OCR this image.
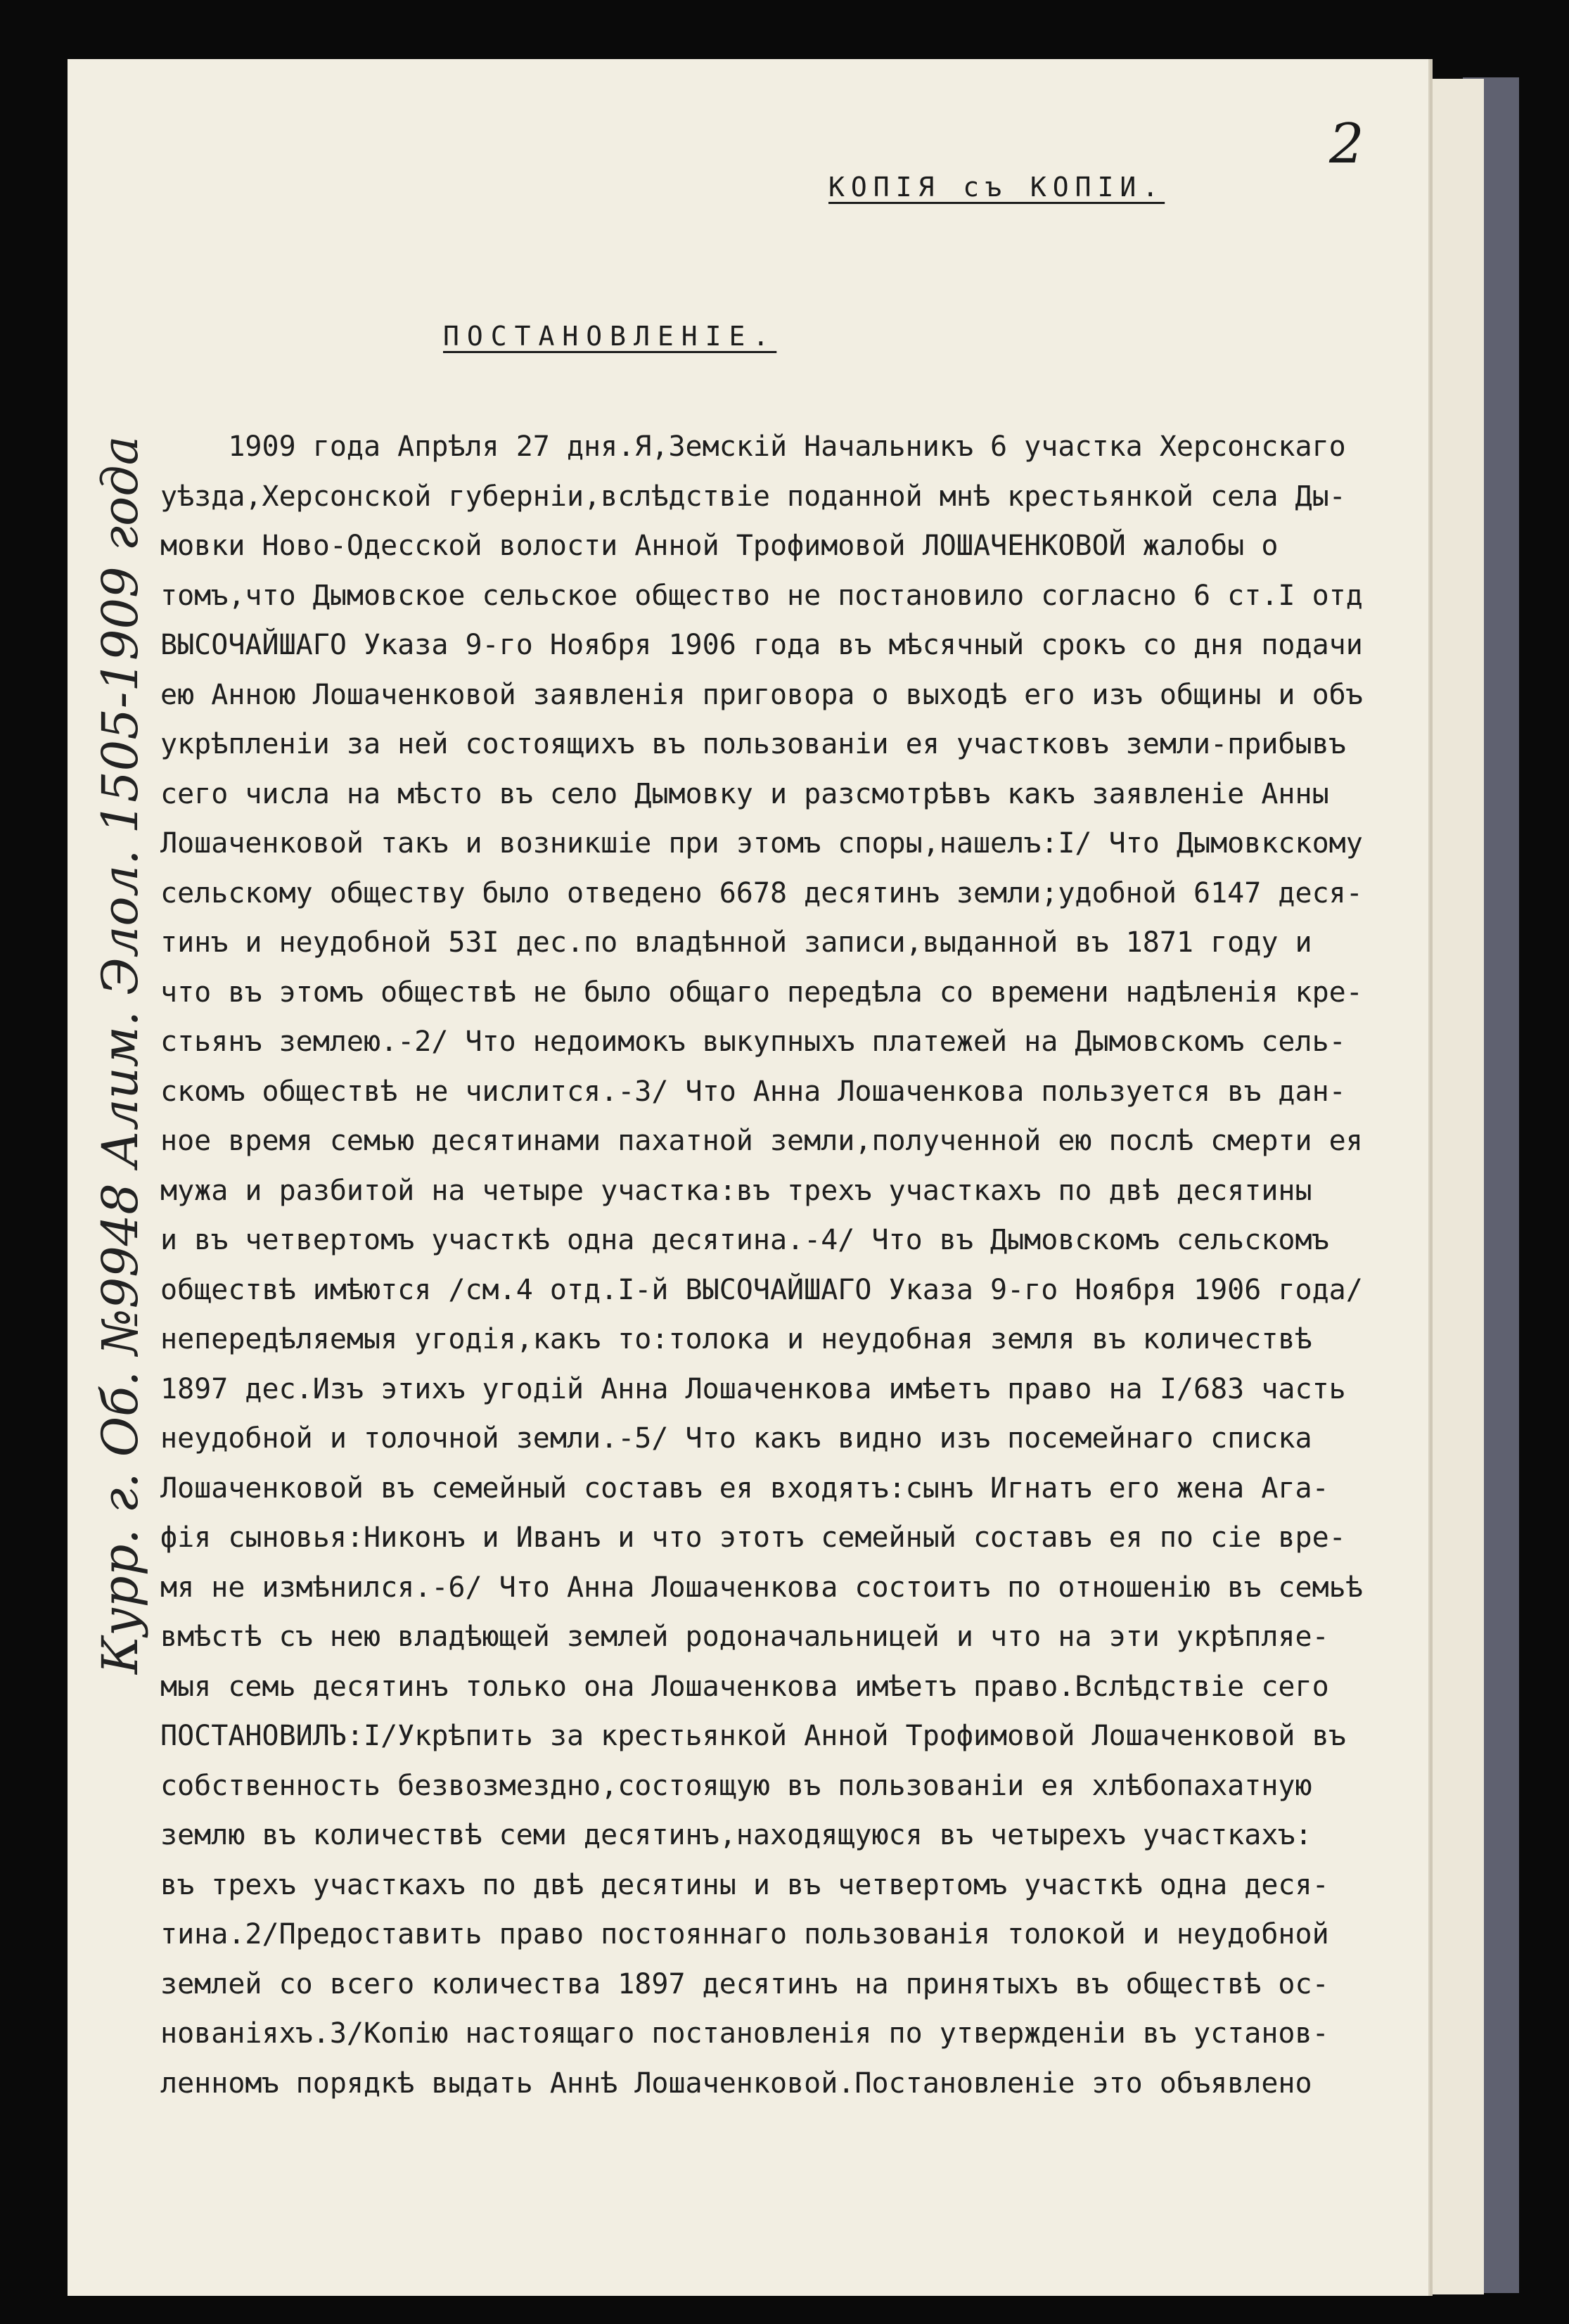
2
КОПІЯ съ КОПІИ.
ПОСТАНОВЛЕНІЕ.
Курр. г. Об. №9948 Алим. Элол. 1505-1909 года 1909 года Апрѣля 27 дня.Я,Земскій Начальникъ 6 участка Херсонскаго
уѣзда,Херсонской губерніи,вслѣдствіе поданной мнѣ крестьянкой села Ды-
мовки Ново-Одесской волости Анной Трофимовой ЛОШАЧЕНКОВОЙ жалобы о
томъ,что Дымовское сельское общество не постановило согласно 6 ст.I отд
ВЫСОЧАЙШАГО Указа 9-го Ноября 1906 года въ мѣсячный срокъ со дня подачи
ею Анною Лошаченковой заявленія приговора о выходѣ его изъ общины и объ
укрѣпленіи за ней состоящихъ въ пользованіи ея участковъ земли-прибывъ
сего числа на мѣсто въ село Дымовку и разсмотрѣвъ какъ заявленіе Анны
Лошаченковой такъ и возникшіе при этомъ споры,нашелъ:I/ Что Дымовкскому
сельскому обществу было отведено 6678 десятинъ земли;удобной 6147 деся-
тинъ и неудобной 53I дес.по владѣнной записи,выданной въ 1871 году и
что въ этомъ обществѣ не было общаго передѣла со времени надѣленія кре-
стьянъ землею.-2/ Что недоимокъ выкупныхъ платежей на Дымовскомъ сель-
скомъ обществѣ не числится.-3/ Что Анна Лошаченкова пользуется въ дан-
ное время семью десятинами пахатной земли,полученной ею послѣ смерти ея
мужа и разбитой на четыре участка:въ трехъ участкахъ по двѣ десятины
и въ четвертомъ участкѣ одна десятина.-4/ Что въ Дымовскомъ сельскомъ
обществѣ имѣются /см.4 отд.I-й ВЫСОЧАЙШАГО Указа 9-го Ноября 1906 года/
непередѣляемыя угодія,какъ то:толока и неудобная земля въ количествѣ
1897 дес.Изъ этихъ угодій Анна Лошаченкова имѣетъ право на I/683 часть
неудобной и толочной земли.-5/ Что какъ видно изъ посемейнаго списка
Лошаченковой въ семейный составъ ея входятъ:сынъ Игнатъ его жена Ага-
фія сыновья:Никонъ и Иванъ и что этотъ семейный составъ ея по сіе вре-
мя не измѣнился.-6/ Что Анна Лошаченкова состоитъ по отношенію въ семьѣ
вмѣстѣ съ нею владѣющей землей родоначальницей и что на эти укрѣпляе-
мыя семь десятинъ только она Лошаченкова имѣетъ право.Вслѣдствіе сего
ПОСТАНОВИЛЪ:I/Укрѣпить за крестьянкой Анной Трофимовой Лошаченковой въ
собственность безвозмездно,состоящую въ пользованіи ея хлѣбопахатную
землю въ количествѣ семи десятинъ,находящуюся въ четырехъ участкахъ:
въ трехъ участкахъ по двѣ десятины и въ четвертомъ участкѣ одна деся-
тина.2/Предоставить право постояннаго пользованія толокой и неудобной
землей со всего количества 1897 десятинъ на принятыхъ въ обществѣ ос-
нованіяхъ.3/Копію настоящаго постановленія по утвержденіи въ установ-
ленномъ порядкѣ выдать Аннѣ Лошаченковой.Постановленіе это объявлено
